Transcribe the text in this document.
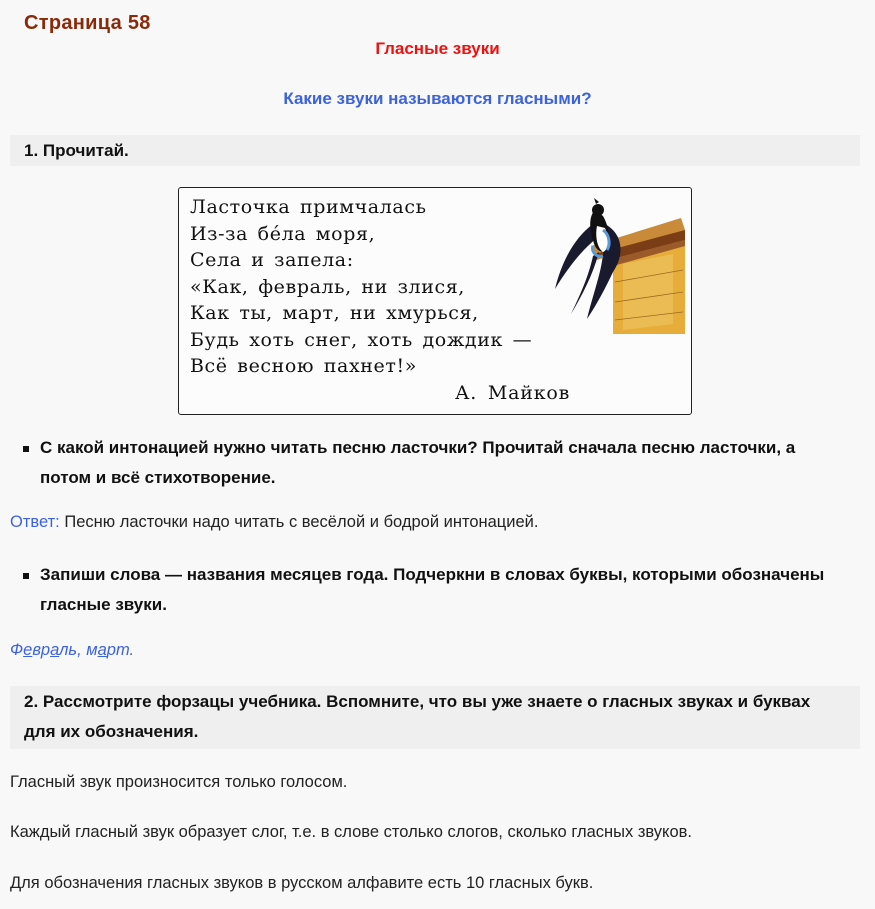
Страница 58
Гласные звуки
Какие звуки называются гласными?
1. Прочитай.
Ласточка примчалась
Из-за бéла моря,
Села и запела:
«Как, февраль, ни злися,
Как ты, март, ни хмурься,
Будь хоть снег, хоть дождик —
Всё весною пахнет!»
А. Майков
С какой интонацией нужно читать песню ласточки? Прочитай сначала песню ласточки, а потом и всё стихотворение.
Ответ: Песню ласточки надо читать с весёлой и бодрой интонацией.
Запиши слова — названия месяцев года. Подчеркни в словах буквы, которыми обозначены гласные звуки.
Февраль, март.
2. Рассмотрите форзацы учебника. Вспомните, что вы уже знаете о гласных звуках и буквах для их обозначения.
Гласный звук произносится только голосом.
Каждый гласный звук образует слог, т.е. в слове столько слогов, сколько гласных звуков.
Для обозначения гласных звуков в русском алфавите есть 10 гласных букв.
